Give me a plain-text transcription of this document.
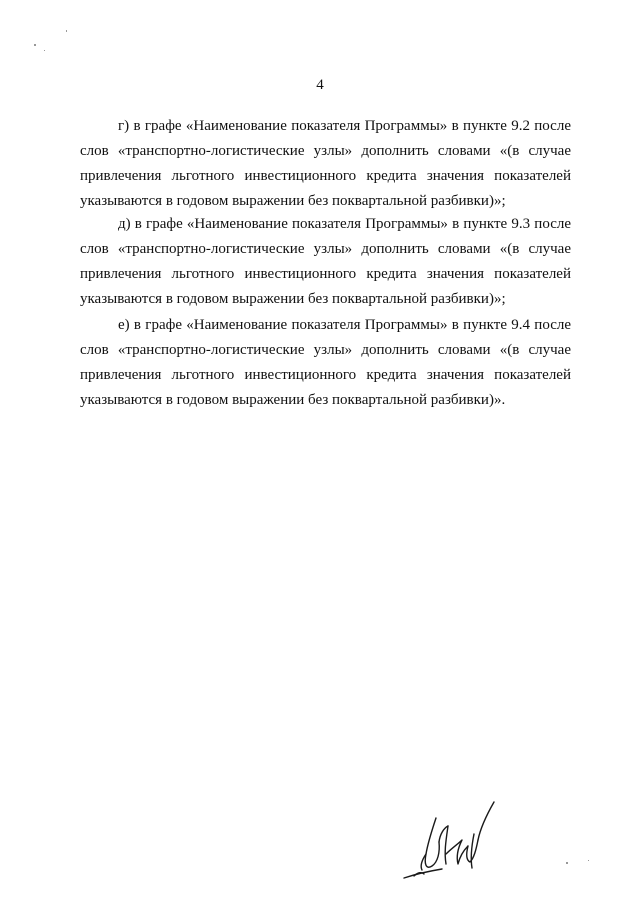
4

г) в графе «Наименование показателя Программы» в пункте 9.2 после слов «транспортно-логистические узлы» дополнить словами «(в случае привлечения льготного инвестиционного кредита значения показателей указываются в годовом выражении без поквартальной разбивки)»;

д) в графе «Наименование показателя Программы» в пункте 9.3 после слов «транспортно-логистические узлы» дополнить словами «(в случае привлечения льготного инвестиционного кредита значения показателей указываются в годовом выражении без поквартальной разбивки)»;

е) в графе «Наименование показателя Программы» в пункте 9.4 после слов «транспортно-логистические узлы» дополнить словами «(в случае привлечения льготного инвестиционного кредита значения показателей указываются в годовом выражении без поквартальной разбивки)».
